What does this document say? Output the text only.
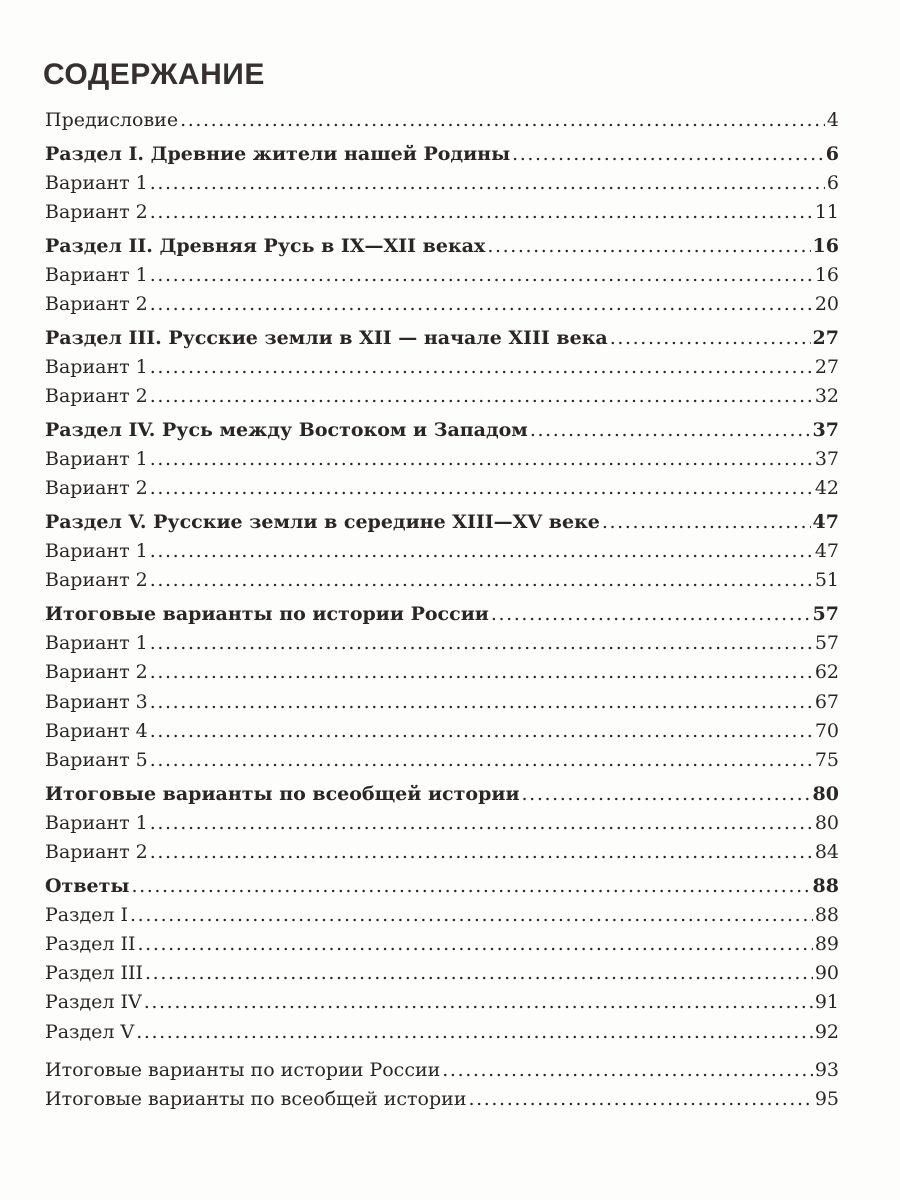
СОДЕРЖАНИЕ
Предисловие .....	4
Раздел I. Древние жители нашей Родины .....	6
Вариант 1 .....	6
Вариант 2 .....	11
Раздел II. Древняя Русь в IX—XII веках .....	16
Вариант 1 .....	16
Вариант 2 .....	20
Раздел III. Русские земли в XII — начале XIII века .....	27
Вариант 1 .....	27
Вариант 2 .....	32
Раздел IV. Русь между Востоком и Западом .....	37
Вариант 1 .....	37
Вариант 2 .....	42
Раздел V. Русские земли в середине XIII—XV веке .....	47
Вариант 1 .....	47
Вариант 2 .....	51
Итоговые варианты по истории России .....	57
Вариант 1 .....	57
Вариант 2 .....	62
Вариант 3 .....	67
Вариант 4 .....	70
Вариант 5 .....	75
Итоговые варианты по всеобщей истории .....	80
Вариант 1 .....	80
Вариант 2 .....	84
Ответы .....	88
Раздел I .....	88
Раздел II .....	89
Раздел III .....	90
Раздел IV .....	91
Раздел V .....	92
Итоговые варианты по истории России .....	93
Итоговые варианты по всеобщей истории .....	95
